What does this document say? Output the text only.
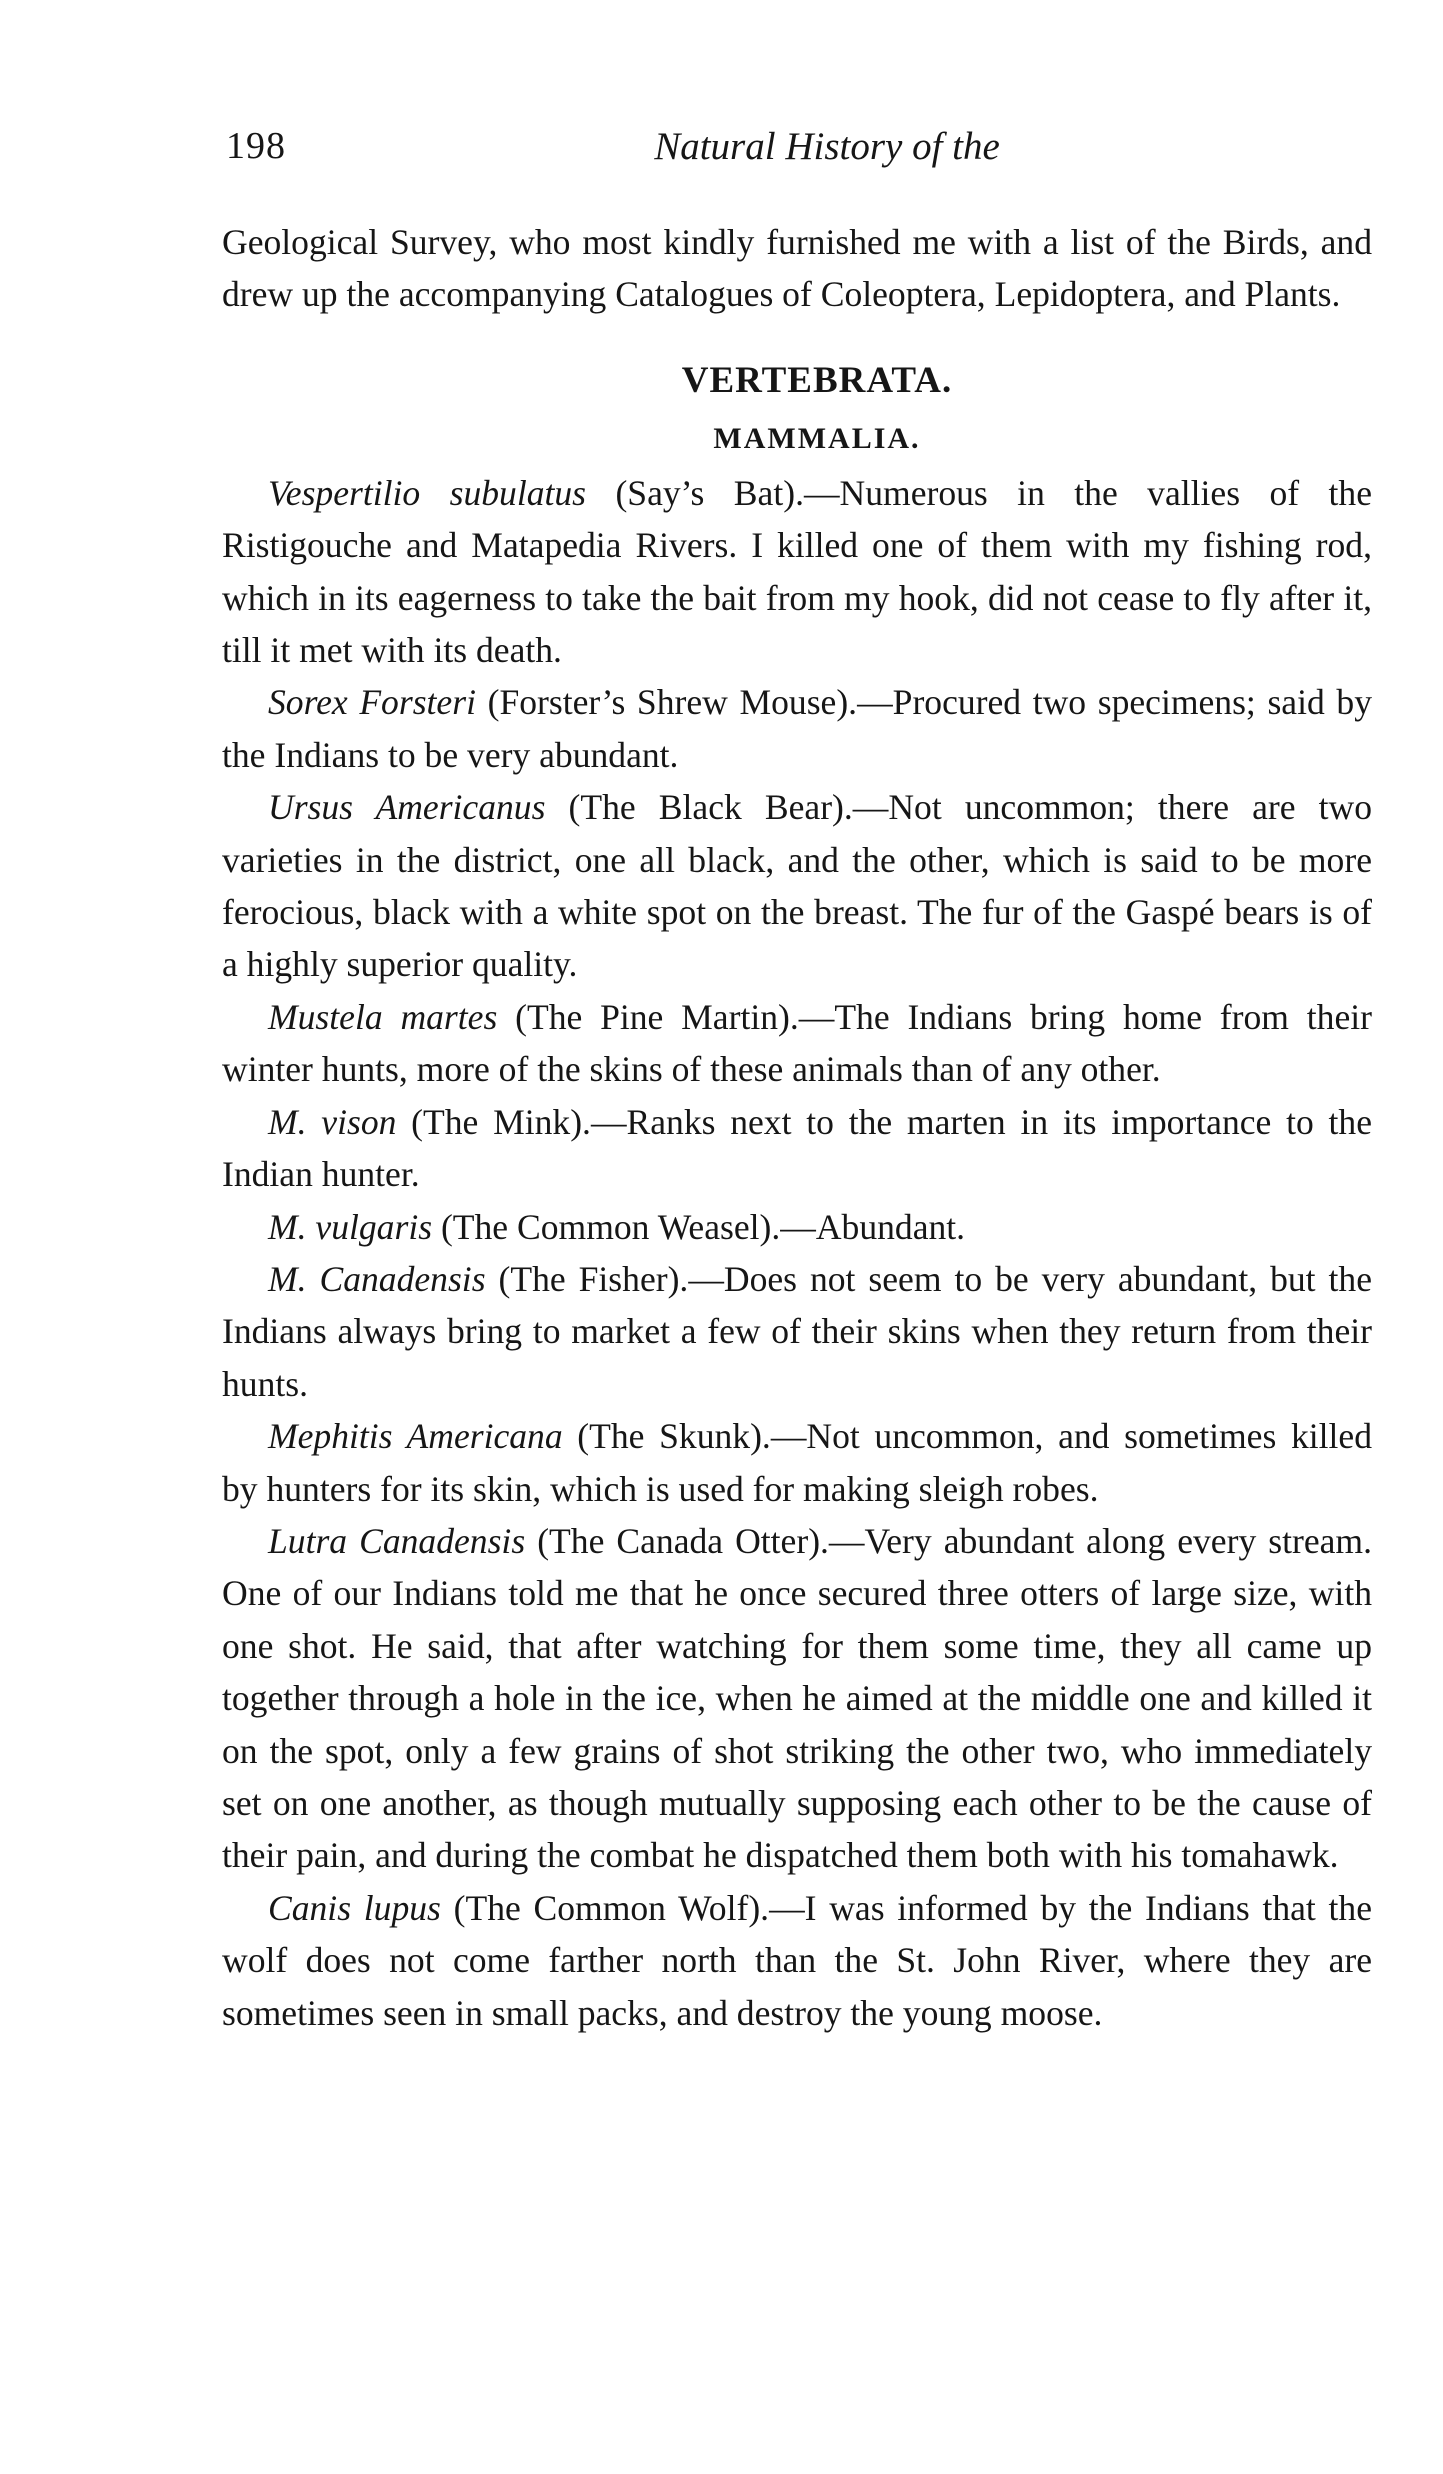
198	Natural History of the

Geological Survey, who most kindly furnished me with a list of the Birds, and drew up the accompanying Catalogues of Coleoptera, Lepidoptera, and Plants.

VERTEBRATA.
MAMMALIA.

Vespertilio subulatus (Say’s Bat).—Numerous in the vallies of the Ristigouche and Matapedia Rivers. I killed one of them with my fishing rod, which in its eagerness to take the bait from my hook, did not cease to fly after it, till it met with its death.

Sorex Forsteri (Forster’s Shrew Mouse).—Procured two specimens; said by the Indians to be very abundant.

Ursus Americanus (The Black Bear).—Not uncommon; there are two varieties in the district, one all black, and the other, which is said to be more ferocious, black with a white spot on the breast. The fur of the Gaspé bears is of a highly superior quality.

Mustela martes (The Pine Martin).—The Indians bring home from their winter hunts, more of the skins of these animals than of any other.

M. vison (The Mink).—Ranks next to the marten in its importance to the Indian hunter.

M. vulgaris (The Common Weasel).—Abundant.

M. Canadensis (The Fisher).—Does not seem to be very abundant, but the Indians always bring to market a few of their skins when they return from their hunts.

Mephitis Americana (The Skunk).—Not uncommon, and sometimes killed by hunters for its skin, which is used for making sleigh robes.

Lutra Canadensis (The Canada Otter).—Very abundant along every stream. One of our Indians told me that he once secured three otters of large size, with one shot. He said, that after watching for them some time, they all came up together through a hole in the ice, when he aimed at the middle one and killed it on the spot, only a few grains of shot striking the other two, who immediately set on one another, as though mutually supposing each other to be the cause of their pain, and during the combat he dispatched them both with his tomahawk.

Canis lupus (The Common Wolf).—I was informed by the Indians that the wolf does not come farther north than the St. John River, where they are sometimes seen in small packs, and destroy the young moose.
